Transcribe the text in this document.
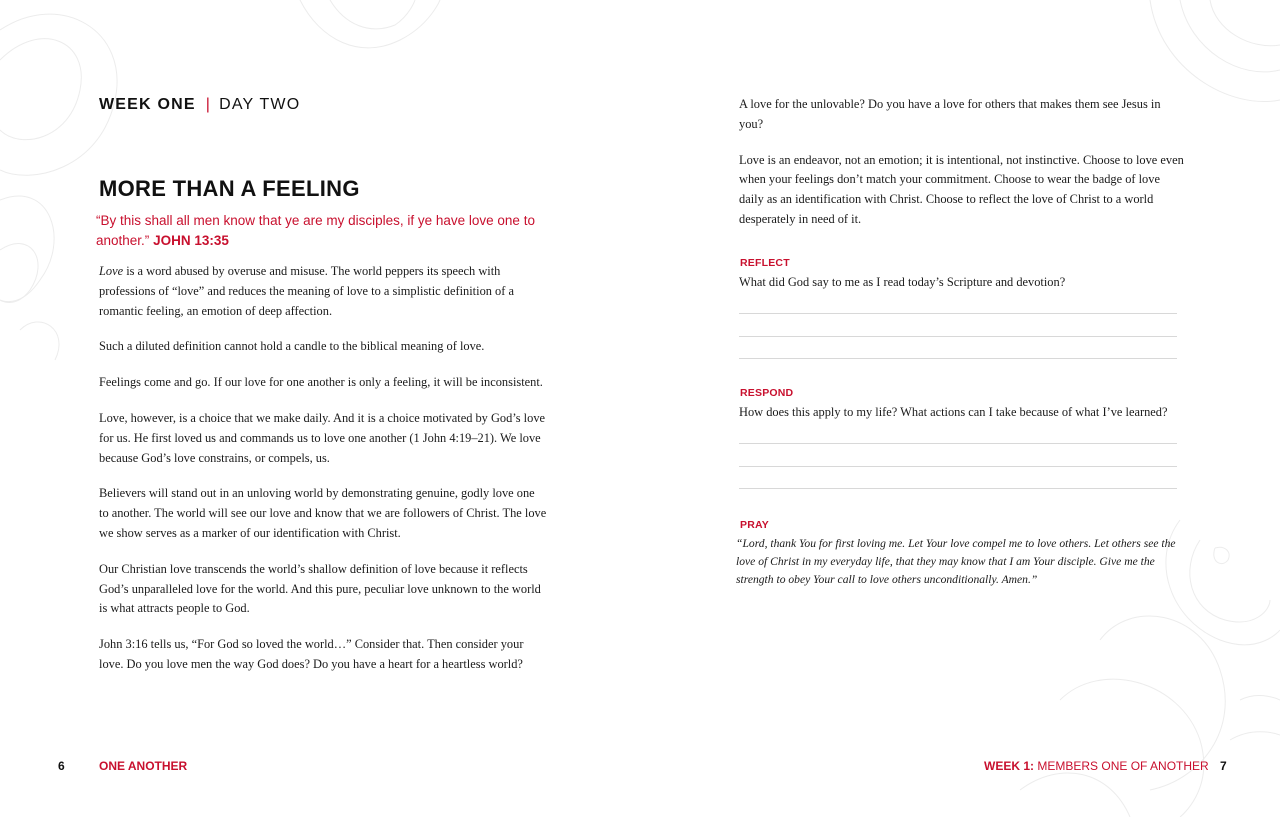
WEEK ONE | DAY TWO
MORE THAN A FEELING
“By this shall all men know that ye are my disciples, if ye have love one to another.” JOHN 13:35

Love is a word abused by overuse and misuse. The world peppers its speech with professions of “love” and reduces the meaning of love to a simplistic definition of a romantic feeling, an emotion of deep affection.

Such a diluted definition cannot hold a candle to the biblical meaning of love.

Feelings come and go. If our love for one another is only a feeling, it will be inconsistent.

Love, however, is a choice that we make daily. And it is a choice motivated by God’s love for us. He first loved us and commands us to love one another (1 John 4:19–21). We love because God’s love constrains, or compels, us.

Believers will stand out in an unloving world by demonstrating genuine, godly love one to another. The world will see our love and know that we are followers of Christ. The love we show serves as a marker of our identification with Christ.

Our Christian love transcends the world’s shallow definition of love because it reflects God’s unparalleled love for the world. And this pure, peculiar love unknown to the world is what attracts people to God.

John 3:16 tells us, “For God so loved the world…” Consider that. Then consider your love. Do you love men the way God does? Do you have a heart for a heartless world?

6	ONE ANOTHER

A love for the unlovable? Do you have a love for others that makes them see Jesus in you?

Love is an endeavor, not an emotion; it is intentional, not instinctive. Choose to love even when your feelings don’t match your commitment. Choose to wear the badge of love daily as an identification with Christ. Choose to reflect the love of Christ to a world desperately in need of it.

REFLECT
What did God say to me as I read today’s Scripture and devotion?
RESPOND
How does this apply to my life? What actions can I take because of what I’ve learned?
PRAY
“Lord, thank You for first loving me. Let Your love compel me to love others. Let others see the love of Christ in my everyday life, that they may know that I am Your disciple. Give me the strength to obey Your call to love others unconditionally. Amen.”
WEEK 1: MEMBERS ONE OF ANOTHER 7
